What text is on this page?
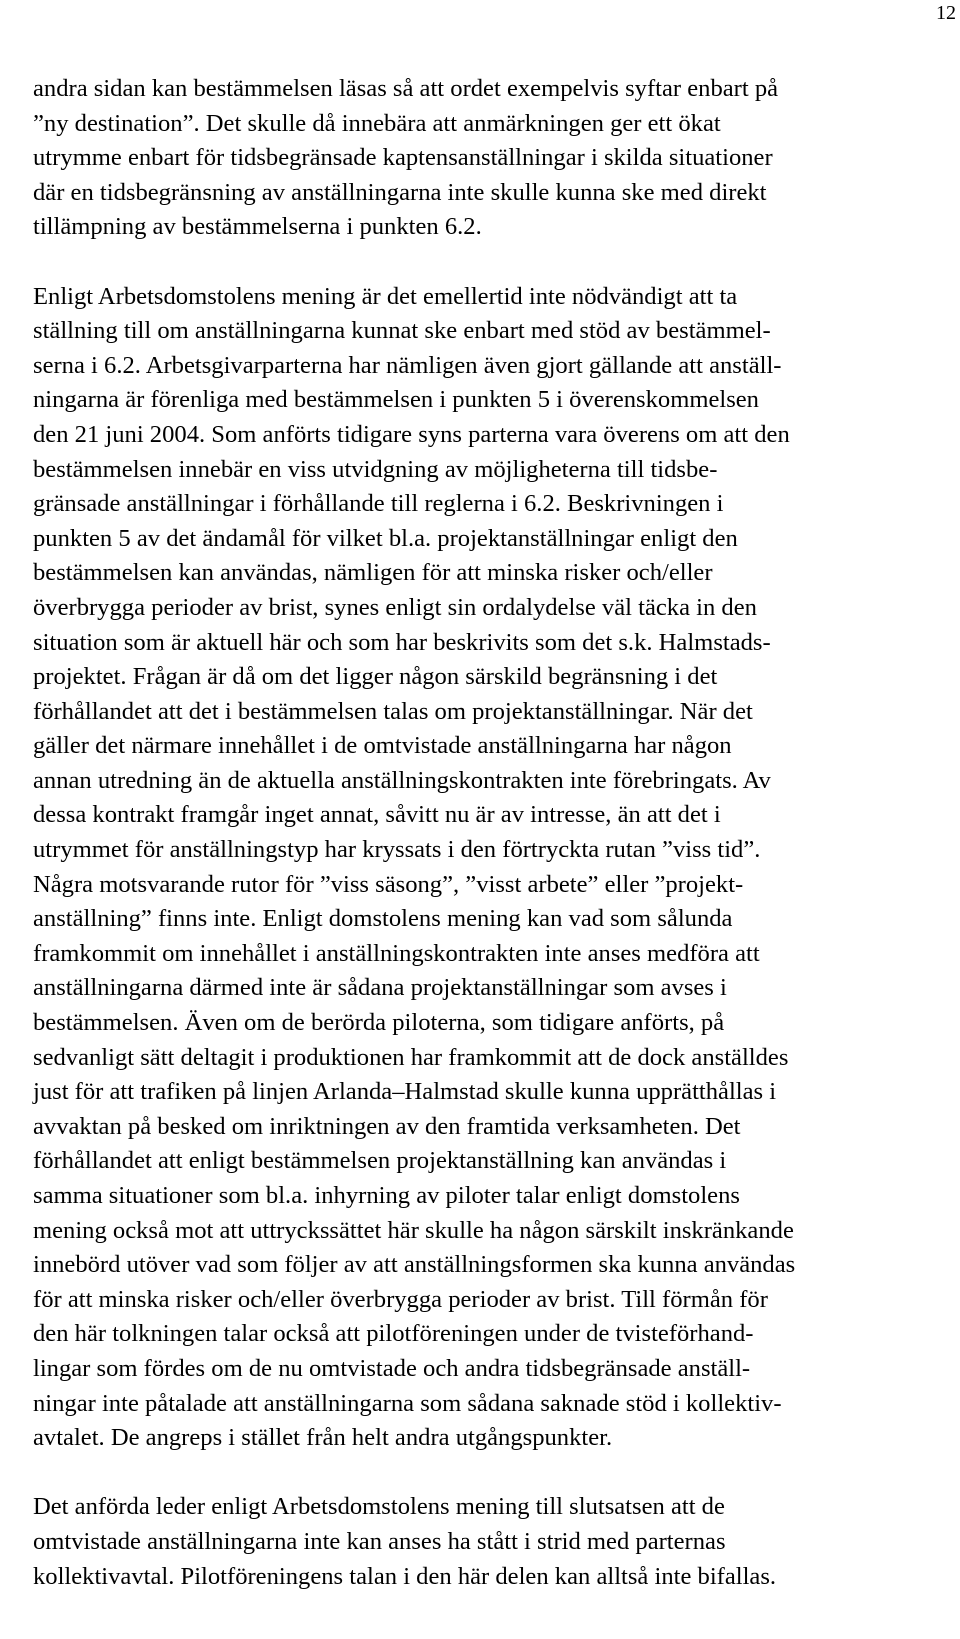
12

andra sidan kan bestämmelsen läsas så att ordet exempelvis syftar enbart på
”ny destination”. Det skulle då innebära att anmärkningen ger ett ökat
utrymme enbart för tidsbegränsade kaptensanställningar i skilda situationer
där en tidsbegränsning av anställningarna inte skulle kunna ske med direkt
tillämpning av bestämmelserna i punkten 6.2.

Enligt Arbetsdomstolens mening är det emellertid inte nödvändigt att ta
ställning till om anställningarna kunnat ske enbart med stöd av bestämmel-
serna i 6.2. Arbetsgivarparterna har nämligen även gjort gällande att anställ-
ningarna är förenliga med bestämmelsen i punkten 5 i överenskommelsen
den 21 juni 2004. Som anförts tidigare syns parterna vara överens om att den
bestämmelsen innebär en viss utvidgning av möjligheterna till tidsbe-
gränsade anställningar i förhållande till reglerna i 6.2. Beskrivningen i
punkten 5 av det ändamål för vilket bl.a. projektanställningar enligt den
bestämmelsen kan användas, nämligen för att minska risker och/eller
överbrygga perioder av brist, synes enligt sin ordalydelse väl täcka in den
situation som är aktuell här och som har beskrivits som det s.k. Halmstads-
projektet. Frågan är då om det ligger någon särskild begränsning i det
förhållandet att det i bestämmelsen talas om projektanställningar. När det
gäller det närmare innehållet i de omtvistade anställningarna har någon
annan utredning än de aktuella anställningskontrakten inte förebringats. Av
dessa kontrakt framgår inget annat, såvitt nu är av intresse, än att det i
utrymmet för anställningstyp har kryssats i den förtryckta rutan ”viss tid”.
Några motsvarande rutor för ”viss säsong”, ”visst arbete” eller ”projekt-
anställning” finns inte. Enligt domstolens mening kan vad som sålunda
framkommit om innehållet i anställningskontrakten inte anses medföra att
anställningarna därmed inte är sådana projektanställningar som avses i
bestämmelsen. Även om de berörda piloterna, som tidigare anförts, på
sedvanligt sätt deltagit i produktionen har framkommit att de dock anställdes
just för att trafiken på linjen Arlanda–Halmstad skulle kunna upprätthållas i
avvaktan på besked om inriktningen av den framtida verksamheten. Det
förhållandet att enligt bestämmelsen projektanställning kan användas i
samma situationer som bl.a. inhyrning av piloter talar enligt domstolens
mening också mot att uttryckssättet här skulle ha någon särskilt inskränkande
innebörd utöver vad som följer av att anställningsformen ska kunna användas
för att minska risker och/eller överbrygga perioder av brist. Till förmån för
den här tolkningen talar också att pilotföreningen under de tvisteförhand-
lingar som fördes om de nu omtvistade och andra tidsbegränsade anställ-
ningar inte påtalade att anställningarna som sådana saknade stöd i kollektiv-
avtalet. De angreps i stället från helt andra utgångspunkter.

Det anförda leder enligt Arbetsdomstolens mening till slutsatsen att de
omtvistade anställningarna inte kan anses ha stått i strid med parternas
kollektivavtal. Pilotföreningens talan i den här delen kan alltså inte bifallas.
